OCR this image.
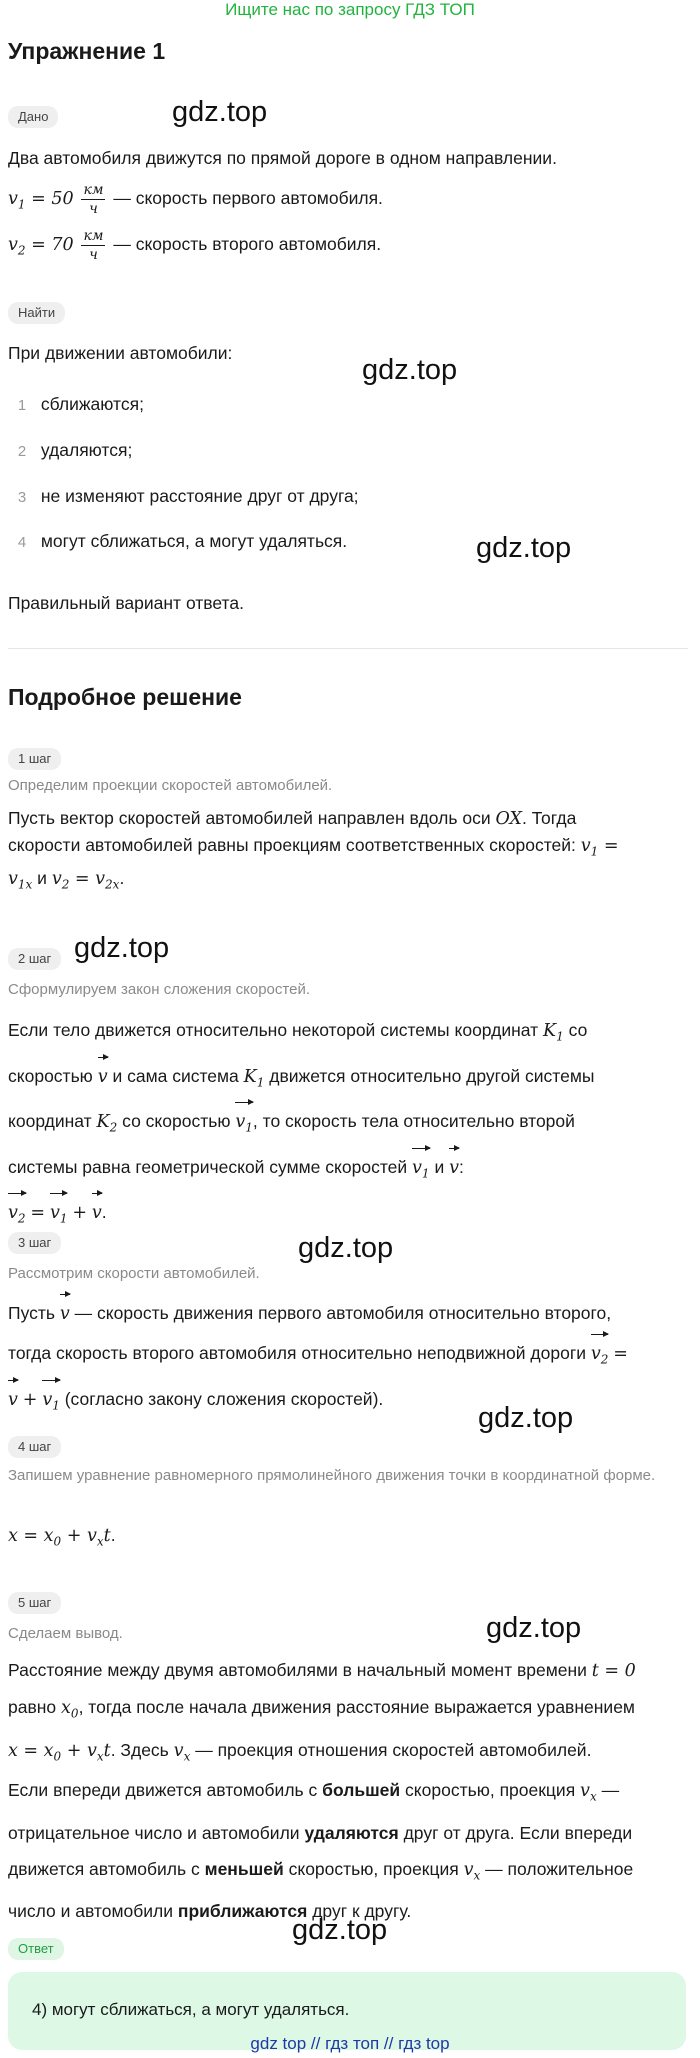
Ищите нас по запросу ГДЗ ТОП
Упражнение 1
Дано	gdz.top
Два автомобиля движутся по прямой дороге в одном направлении.
$v_1 = 50 \frac{км}{ч}$ — скорость первого автомобиля.
$v_2 = 70 \frac{км}{ч}$ — скорость второго автомобиля.
Найти
При движении автомобили:
gdz.top
1 сближаются;
2 удаляются;
3 не изменяют расстояние друг от друга;
4 могут сближаться, а могут удаляться.	gdz.top
Правильный вариант ответа.
Подробное решение
1 шаг
Определим проекции скоростей автомобилей.
Пусть вектор скоростей автомобилей направлен вдоль оси OX. Тогда
скорости автомобилей равны проекциям соответственных скоростей: $v_1$ =
$v_{1x}$ и $v_2 = v_{2x}$.
2 шаг gdz.top
Сформулируем закон сложения скоростей.
Если тело движется относительно некоторой системы координат $K_1$ со
скоростью v и сама система $K_1$ движется относительно другой системы
координат $K_2$ со скоростью $v_1$, то скорость тела относительно второй
системы равна геометрической сумме скоростей $v_1$ и v:
$v_2 = v_1 + v$.
3 шаг	gdz.top
Рассмотрим скорости автомобилей.
Пусть v — скорость движения первого автомобиля относительно второго,
тогда скорость второго автомобиля относительно неподвижной дороги $v_2$ =
$v + v_1$ (согласно закону сложения скоростей).
gdz.top
4 шаг
Запишем уравнение равномерного прямолинейного движения точки в координатной форме.
$x = x_0 + v_xt$.
5 шаг
gdz.top
Сделаем вывод.
Расстояние между двумя автомобилями в начальный момент времени t = 0
равно $x_0$, тогда после начала движения расстояние выражается уравнением
$x = x_0 + v_xt$. Здесь $v_x$ — проекция отношения скоростей автомобилей.
Если впереди движется автомобиль с большей скоростью, проекция $v_x$ —
отрицательное число и автомобили удаляются друг от друга. Если впереди
движется автомобиль с меньшей скоростью, проекция $v_x$ — положительное
число и автомобили приближаются друг к другу.
Ответ
gdz.top
4) могут сближаться, а могут удаляться.
gdz top // гдз топ // гдз top
